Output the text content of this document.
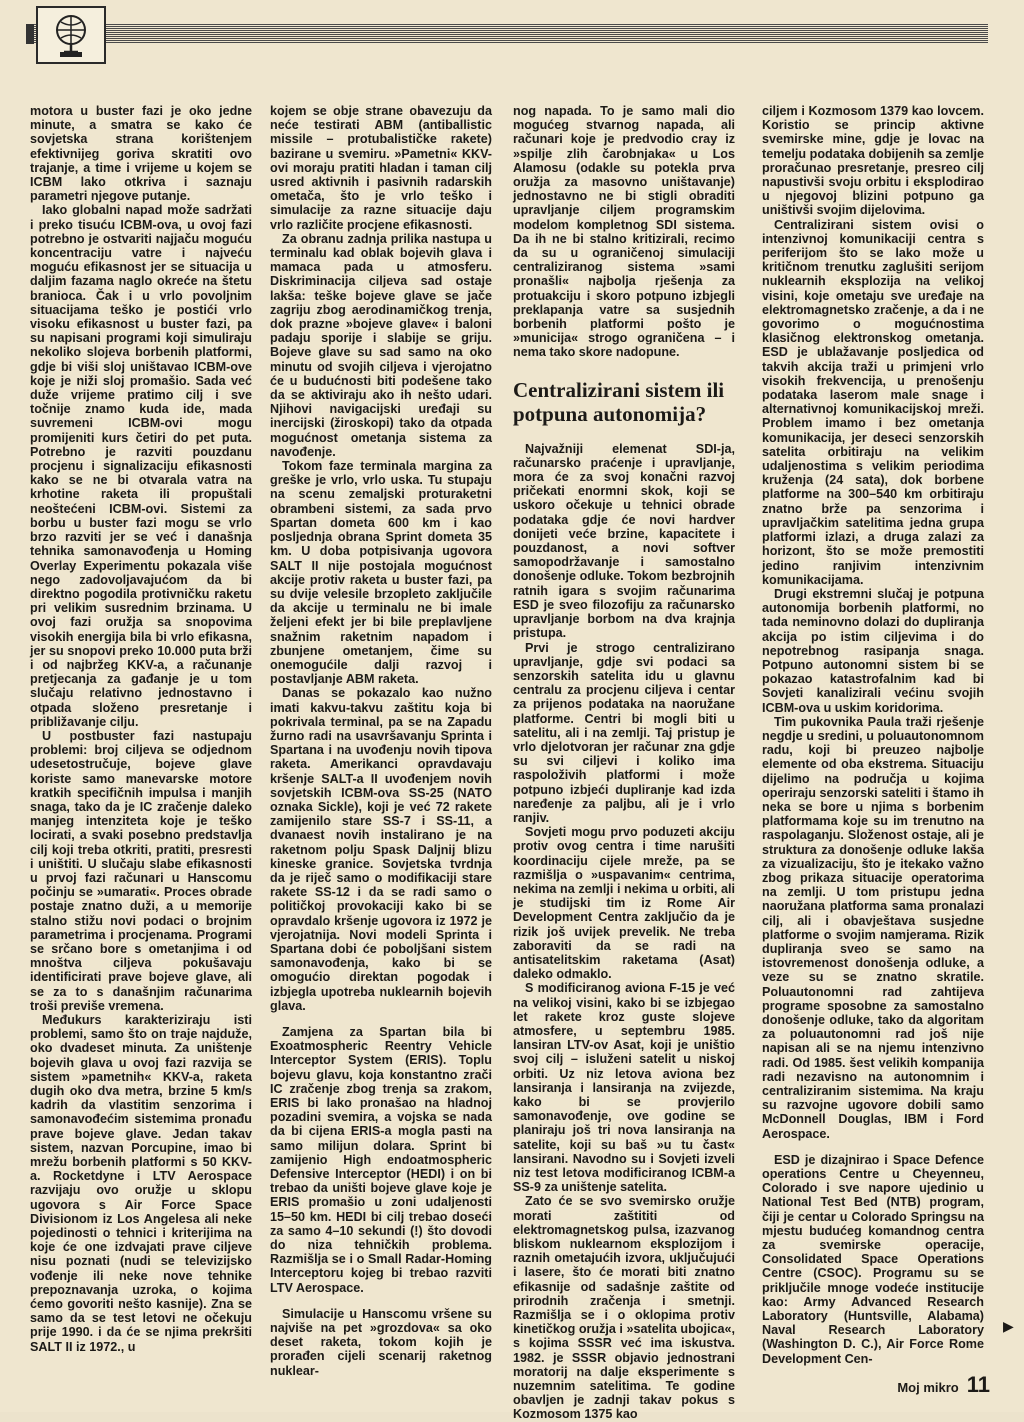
motora u buster fazi je oko jedne minute, a smatra se kako će sovjetska strana korištenjem efektivnijeg goriva skratiti ovo trajanje, a time i vrijeme u kojem se ICBM lako otkriva i saznaju parametri njegove putanje.

Iako globalni napad može sadržati i preko tisuću ICBM-ova, u ovoj fazi potrebno je ostvariti najjaču moguću koncentraciju vatre i najveću moguću efikasnost jer se situacija u daljim fazama naglo okreće na štetu branioca. Čak i u vrlo povoljnim situacijama teško je postići vrlo visoku efikasnost u buster fazi, pa su napisani programi koji simuliraju nekoliko slojeva borbenih platformi, gdje bi viši sloj uništavao ICBM-ove koje je niži sloj promašio. Sada već duže vrijeme pratimo cilj i sve točnije znamo kuda ide, mada suvremeni ICBM-ovi mogu promijeniti kurs četiri do pet puta. Potrebno je razviti pouzdanu procjenu i signalizaciju efikasnosti kako se ne bi otvarala vatra na krhotine raketa ili propuštali neoštećeni ICBM-ovi. Sistemi za borbu u buster fazi mogu se vrlo brzo razviti jer se već i današnja tehnika samonavođenja u Homing Overlay Experimentu pokazala više nego zadovoljavajućom da bi direktno pogodila protivničku raketu pri velikim susrednim brzinama. U ovoj fazi oružja sa snopovima visokih energija bila bi vrlo efikasna, jer su snopovi preko 10.000 puta brži i od najbržeg KKV-a, a računanje pretjecanja za gađanje je u tom slučaju relativno jednostavno i otpada složeno presretanje i približavanje cilju.

U postbuster fazi nastupaju problemi: broj ciljeva se odjednom udesetostručuje, bojeve glave koriste samo manevarske motore kratkih specifičnih impulsa i manjih snaga, tako da je IC zračenje daleko manjeg intenziteta koje je teško locirati, a svaki posebno predstavlja cilj koji treba otkriti, pratiti, presresti i uništiti. U slučaju slabe efikasnosti u prvoj fazi računari u Hanscomu počinju se »umarati«. Proces obrade postaje znatno duži, a u memorije stalno stižu novi podaci o brojnim parametrima i procjenama. Programi se srčano bore s ometanjima i od mnoštva ciljeva pokušavaju identificirati prave bojeve glave, ali se za to s današnjim računarima troši previše vremena.

Međukurs karakteriziraju isti problemi, samo što on traje najduže, oko dvadeset minuta. Za uništenje bojevih glava u ovoj fazi razvija se sistem »pametnih« KKV-a, raketa dugih oko dva metra, brzine 5 km/s kadrih da vlastitim senzorima i samonavođećim sistemima pronađu prave bojeve glave. Jedan takav sistem, nazvan Porcupine, imao bi mrežu borbenih platformi s 50 KKV-a. Rocketdyne i LTV Aerospace razvijaju ovo oružje u sklopu ugovora s Air Force Space Divisionom iz Los Angelesa ali neke pojedinosti o tehnici i kriterijima na koje će one izdvajati prave ciljeve nisu poznati (nudi se televizijsko vođenje ili neke nove tehnike prepoznavanja uzroka, o kojima ćemo govoriti nešto kasnije). Zna se samo da se test letovi ne očekuju prije 1990. i da će se njima prekršiti SALT II iz 1972., u

kojem se obje strane obavezuju da neće testirati ABM (antiballistic missile – protubalističke rakete) bazirane u svemiru. »Pametni« KKV-ovi moraju pratiti hladan i taman cilj usred aktivnih i pasivnih radarskih ometača, što je vrlo teško i simulacije za razne situacije daju vrlo različite procjene efikasnosti.

Za obranu zadnja prilika nastupa u terminalu kad oblak bojevih glava i mamaca pada u atmosferu. Diskriminacija ciljeva sad ostaje lakša: teške bojeve glave se jače zagriju zbog aerodinamičkog trenja, dok prazne »bojeve glave« i baloni padaju sporije i slabije se griju. Bojeve glave su sad samo na oko minutu od svojih ciljeva i vjerojatno će u budućnosti biti podešene tako da se aktiviraju ako ih nešto udari. Njihovi navigacijski uređaji su inercijski (žiroskopi) tako da otpada mogućnost ometanja sistema za navođenje.

Tokom faze terminala margina za greške je vrlo, vrlo uska. Tu stupaju na scenu zemaljski proturaketni obrambeni sistemi, za sada prvo Spartan dometa 600 km i kao posljednja obrana Sprint dometa 35 km. U doba potpisivanja ugovora SALT II nije postojala mogućnost akcije protiv raketa u buster fazi, pa su dvije velesile brzopleto zaključile da akcije u terminalu ne bi imale željeni efekt jer bi bile preplavljene snažnim raketnim napadom i zbunjene ometanjem, čime su onemogućile dalji razvoj i postavljanje ABM raketa.

Danas se pokazalo kao nužno imati kakvu-takvu zaštitu koja bi pokrivala terminal, pa se na Zapadu žurno radi na usavršavanju Sprinta i Spartana i na uvođenju novih tipova raketa. Amerikanci opravdavaju kršenje SALT-a II uvođenjem novih sovjetskih ICBM-ova SS-25 (NATO oznaka Sickle), koji je već 72 rakete zamijenilo stare SS-7 i SS-11, a dvanaest novih instalirano je na raketnom polju Spask Daljnij blizu kineske granice. Sovjetska tvrdnja da je riječ samo o modifikaciji stare rakete SS-12 i da se radi samo o političkoj provokaciji kako bi se opravdalo kršenje ugovora iz 1972 je vjerojatnija. Novi modeli Sprinta i Spartana dobi će poboljšani sistem samonavođenja, kako bi se omogućio direktan pogodak i izbjegla upotreba nuklearnih bojevih glava.

Zamjena za Spartan bila bi Exoatmospheric Reentry Vehicle Interceptor System (ERIS). Toplu bojevu glavu, koja konstantno zrači IC zračenje zbog trenja sa zrakom, ERIS bi lako pronašao na hladnoj pozadini svemira, a vojska se nada da bi cijena ERIS-a mogla pasti na samo milijun dolara. Sprint bi zamijenio High endoatmospheric Defensive Interceptor (HEDI) i on bi trebao da uništi bojeve glave koje je ERIS promašio u zoni udaljenosti 15–50 km. HEDI bi cilj trebao doseći za samo 4–10 sekundi (!) što dovodi do niza tehničkih problema. Razmišlja se i o Small Radar-Homing Interceptoru kojeg bi trebao razviti LTV Aerospace.

Simulacije u Hanscomu vršene su najviše na pet »grozdova« sa oko deset raketa, tokom kojih je prorađen cijeli scenarij raketnog nuklear-

nog napada. To je samo mali dio mogućeg stvarnog napada, ali računari koje je predvodio cray iz »spilje zlih čarobnjaka« u Los Alamosu (odakle su potekla prva oružja za masovno uništavanje) jednostavno ne bi stigli obraditi upravljanje ciljem programskim modelom kompletnog SDI sistema. Da ih ne bi stalno kritizirali, recimo da su u ograničenoj simulaciji centraliziranog sistema »sami pronašli« najbolja rješenja za protuakciju i skoro potpuno izbjegli preklapanja vatre sa susjednih borbenih platformi pošto je »municija« strogo ograničena – i nema tako skore nadopune.

Centralizirani sistem ili potpuna autonomija?

Najvažniji elemenat SDI-ja, računarsko praćenje i upravljanje, mora će za svoj konačni razvoj pričekati enormni skok, koji se uskoro očekuje u tehnici obrade podataka gdje će novi hardver donijeti veće brzine, kapacitete i pouzdanost, a novi softver samopodržavanje i samostalno donošenje odluke. Tokom bezbrojnih ratnih igara s svojim računarima ESD je sveo filozofiju za računarsko upravljanje borbom na dva krajnja pristupa.

Prvi je strogo centralizirano upravljanje, gdje svi podaci sa senzorskih satelita idu u glavnu centralu za procjenu ciljeva i centar za prijenos podataka na naoružane platforme. Centri bi mogli biti u satelitu, ali i na zemlji. Taj pristup je vrlo djelotvoran jer računar zna gdje su svi ciljevi i koliko ima raspoloživih platformi i može potpuno izbjeći dupliranje kad izda naređenje za paljbu, ali je i vrlo ranjiv.

Sovjeti mogu prvo poduzeti akciju protiv ovog centra i time narušiti koordinaciju cijele mreže, pa se razmišlja o »uspavanim« centrima, nekima na zemlji i nekima u orbiti, ali je studijski tim iz Rome Air Development Centra zaključio da je rizik još uvijek prevelik. Ne treba zaboraviti da se radi na antisatelitskim raketama (Asat) daleko odmaklo.

S modificiranog aviona F-15 je već na velikoj visini, kako bi se izbjegao let rakete kroz guste slojeve atmosfere, u septembru 1985. lansiran LTV-ov Asat, koji je uništio svoj cilj – isluženi satelit u niskoj orbiti. Uz niz letova aviona bez lansiranja i lansiranja na zvijezde, kako bi se provjerilo samonavođenje, ove godine se planiraju još tri nova lansiranja na satelite, koji su baš »u tu čast« lansirani. Navodno su i Sovjeti izveli niz test letova modificiranog ICBM-a SS-9 za uništenje satelita.

Zato će se svo svemirsko oružje morati zaštititi od elektromagnetskog pulsa, izazvanog bliskom nuklearnom eksplozijom i raznih ometajućih izvora, uključujući i lasere, što će morati biti znatno efikasnije od sadašnje zaštite od prirodnih zračenja i smetnji. Razmišlja se i o oklopima protiv kinetičkog oružja i »satelita ubojica«, s kojima SSSR već ima iskustva. 1982. je SSSR objavio jednostrani moratorij na dalje eksperimente s nuzemnim satelitima. Te godine obavljen je zadnji takav pokus s Kozmosom 1375 kao

ciljem i Kozmosom 1379 kao lovcem. Koristio se princip aktivne svemirske mine, gdje je lovac na temelju podataka dobijenih sa zemlje proračunao presretanje, presreo cilj napustivši svoju orbitu i eksplodirao u njegovoj blizini potpuno ga uništivši svojim dijelovima.

Centralizirani sistem ovisi o intenzivnoj komunikaciji centra s periferijom što se lako može u kritičnom trenutku zaglušiti serijom nuklearnih eksplozija na velikoj visini, koje ometaju sve uređaje na elektromagnetsko zračenje, a da i ne govorimo o mogućnostima klasičnog elektronskog ometanja. ESD je ublažavanje posljedica od takvih akcija traži u primjeni vrlo visokih frekvencija, u prenošenju podataka laserom male snage i alternativnoj komunikacijskoj mreži. Problem imamo i bez ometanja komunikacija, jer deseci senzorskih satelita orbitiraju na velikim udaljenostima s velikim periodima kruženja (24 sata), dok borbene platforme na 300–540 km orbitiraju znatno brže pa senzorima i upravljačkim satelitima jedna grupa platformi izlazi, a druga zalazi za horizont, što se može premostiti jedino ranjivim intenzivnim komunikacijama.

Drugi ekstremni slučaj je potpuna autonomija borbenih platformi, no tada neminovno dolazi do dupliranja akcija po istim ciljevima i do nepotrebnog rasipanja snaga. Potpuno autonomni sistem bi se pokazao katastrofalnim kad bi Sovjeti kanalizirali većinu svojih ICBM-ova u uskim koridorima.

Tim pukovnika Paula traži rješenje negdje u sredini, u poluautonomnom radu, koji bi preuzeo najbolje elemente od oba ekstrema. Situaciju dijelimo na područja u kojima operiraju senzorski sateliti i štamo ih neka se bore u njima s borbenim platformama koje su im trenutno na raspolaganju. Složenost ostaje, ali je struktura za donošenje odluke lakša za vizualizaciju, što je itekako važno zbog prikaza situacije operatorima na zemlji. U tom pristupu jedna naoružana platforma sama pronalazi cilj, ali i obavještava susjedne platforme o svojim namjerama. Rizik dupliranja sveo se samo na istovremenost donošenja odluke, a veze su se znatno skratile. Poluautonomni rad zahtijeva programe sposobne za samostalno donošenje odluke, tako da algoritam za poluautonomni rad još nije napisan ali se na njemu intenzivno radi. Od 1985. šest velikih kompanija radi nezavisno na autonomnim i centraliziranim sistemima. Na kraju su razvojne ugovore dobili samo McDonnell Douglas, IBM i Ford Aerospace.

ESD je dizajnirao i Space Defence operations Centre u Cheyenneu, Colorado i sve napore ujedinio u National Test Bed (NTB) program, čiji je centar u Colorado Springsu na mjestu budućeg komandnog centra za svemirske operacije, Consolidated Space Operations Centre (CSOC). Programu su se priključile mnoge vodeće institucije kao: Army Advanced Research Laboratory (Huntsville, Alabama) Naval Research Laboratory (Washington D. C.), Air Force Rome Development Cen-

▶
Moj mikro 11
